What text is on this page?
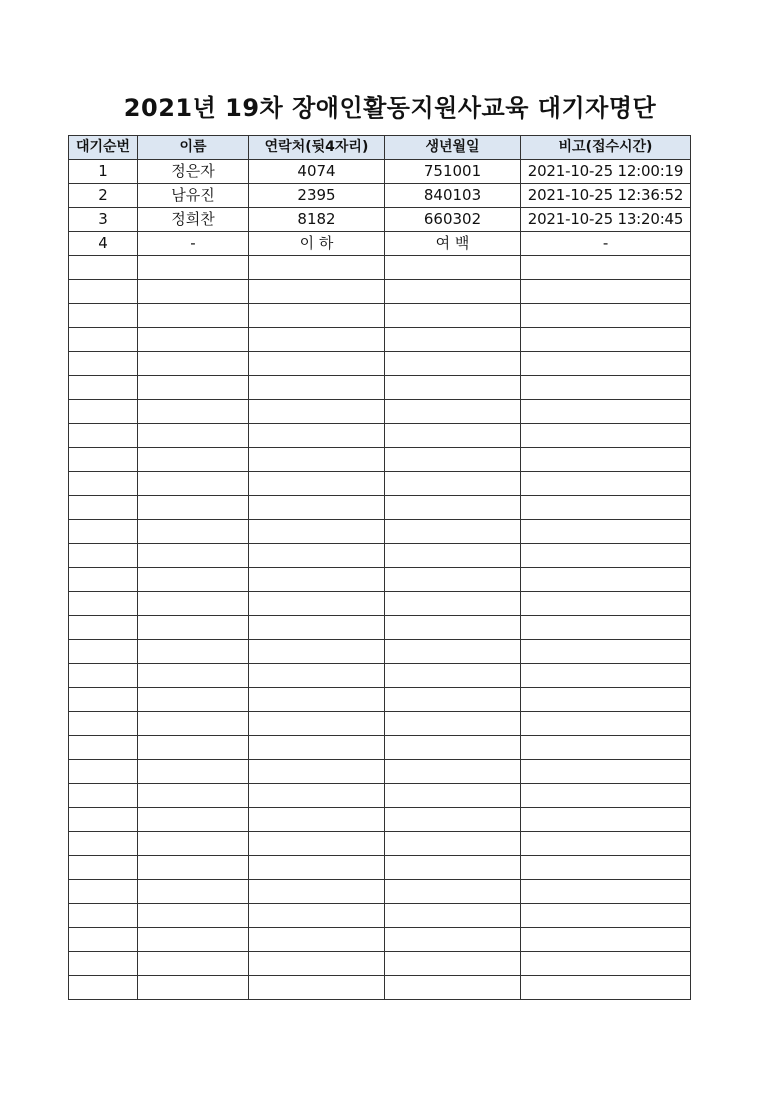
2021년 19차 장애인활동지원사교육 대기자명단
대기순번	이름	연락처(뒷4자리)	생년월일	비고(접수시간)
1	정은자	4074	751001	2021-10-25 12:00:19
2	남유진	2395	840103	2021-10-25 12:36:52
3	정희찬	8182	660302	2021-10-25 13:20:45
4	-	이 하	여 백	-
